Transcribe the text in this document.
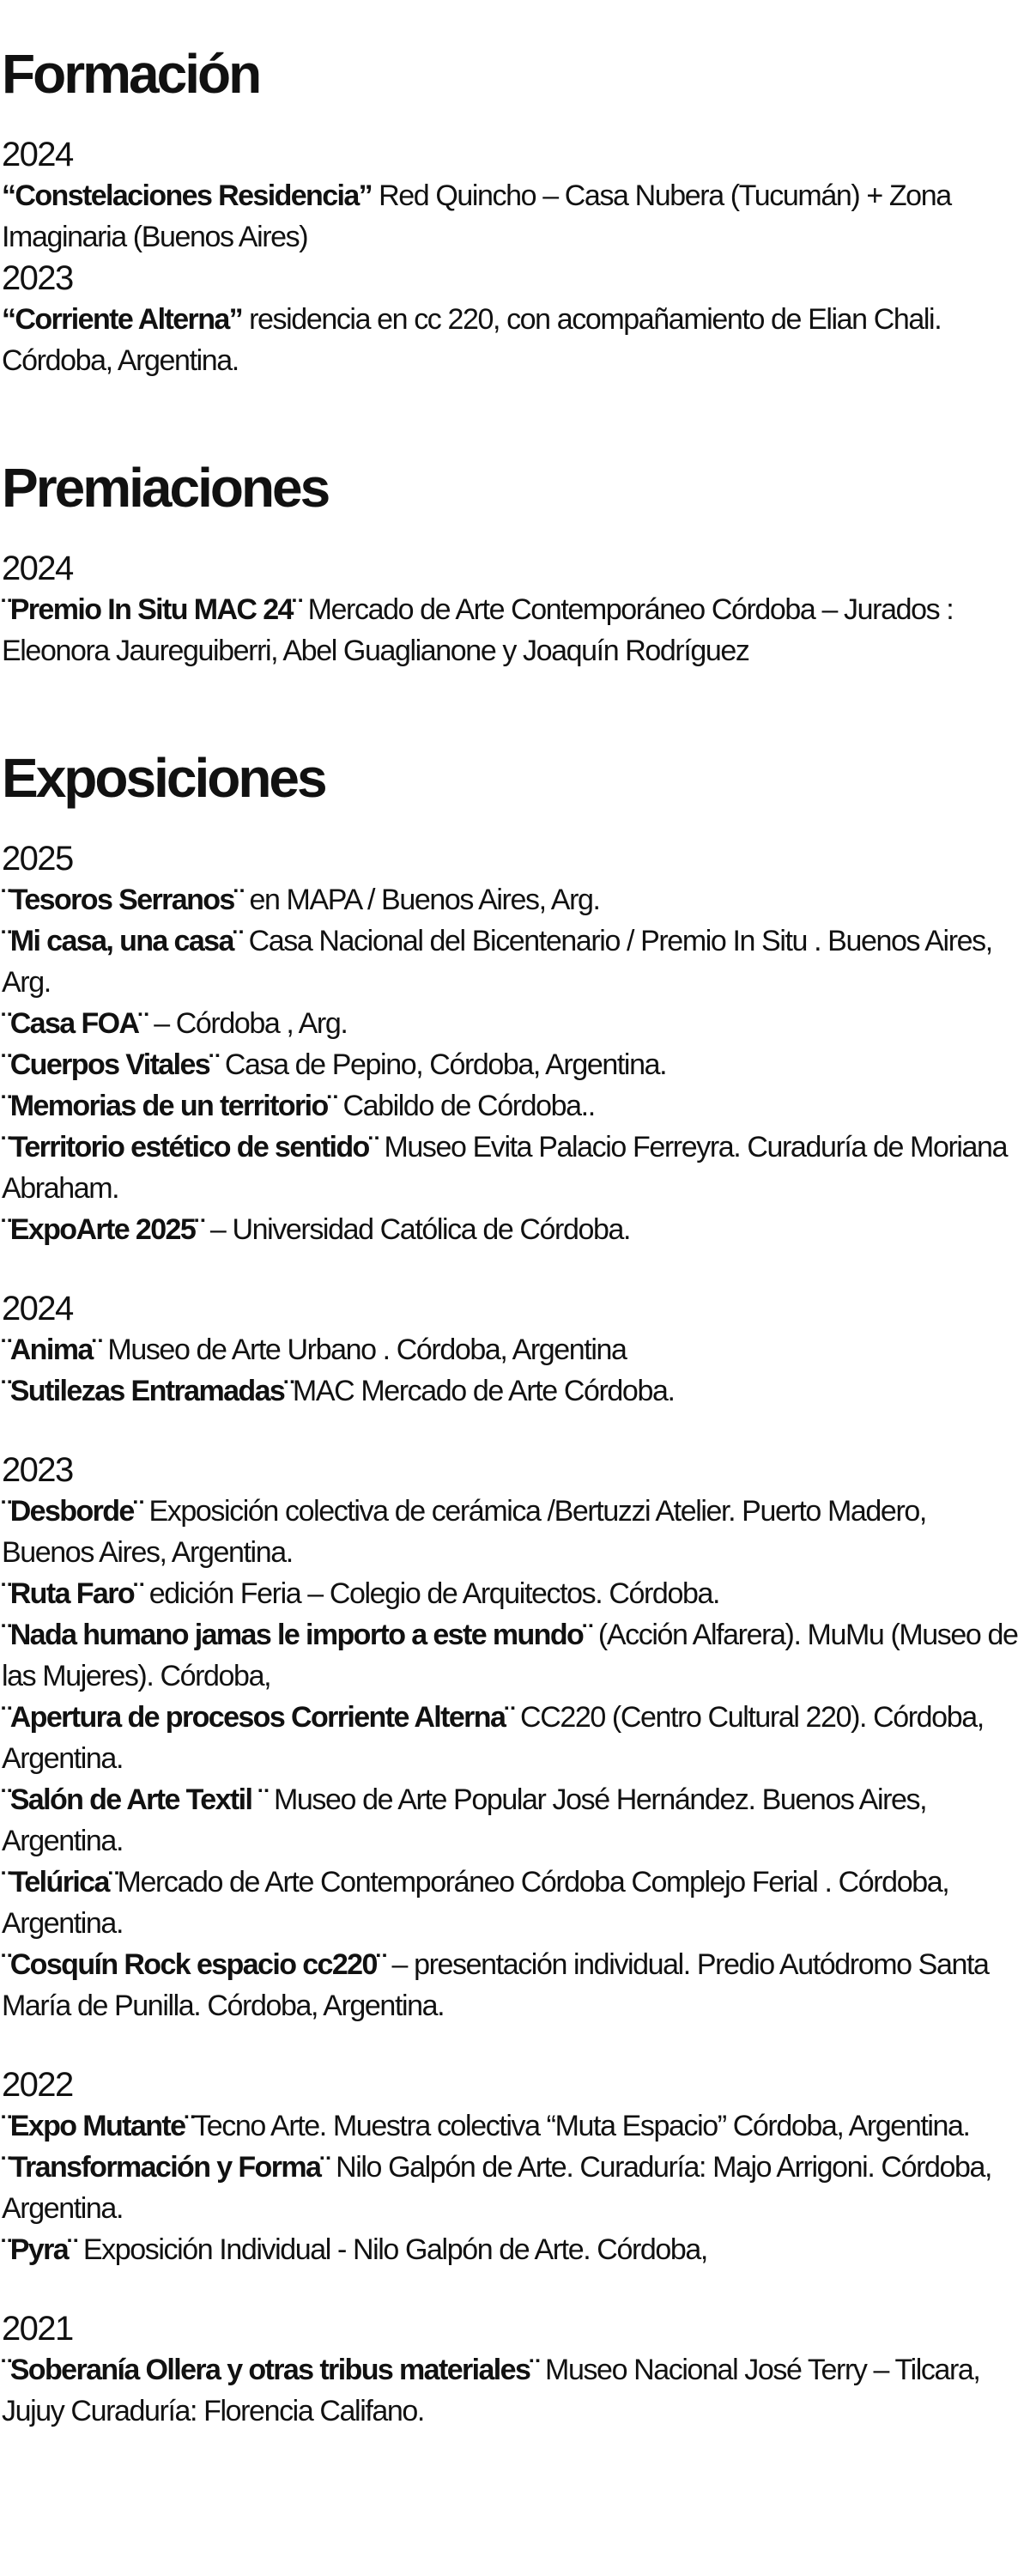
Formación
2024
“Constelaciones Residencia” Red Quincho – Casa Nubera (Tucumán) + Zona Imaginaria (Buenos Aires)
2023
“Corriente Alterna” residencia en cc 220, con acompañamiento de Elian Chali. Córdoba, Argentina.
Premiaciones
2024
¨Premio In Situ MAC 24¨ Mercado de Arte Contemporáneo Córdoba – Jurados : Eleonora Jaureguiberri, Abel Guaglianone y Joaquín Rodríguez
Exposiciones
2025
¨Tesoros Serranos¨ en MAPA / Buenos Aires, Arg.
¨Mi casa, una casa¨ Casa Nacional del Bicentenario / Premio In Situ . Buenos Aires, Arg.
¨Casa FOA¨ – Córdoba , Arg.
¨Cuerpos Vitales¨ Casa de Pepino, Córdoba, Argentina.
¨Memorias de un territorio¨ Cabildo de Córdoba..
¨Territorio estético de sentido¨ Museo Evita Palacio Ferreyra. Curaduría de Moriana Abraham.
¨ExpoArte 2025¨ – Universidad Católica de Córdoba.
2024
¨Anima¨ Museo de Arte Urbano . Córdoba, Argentina
¨Sutilezas Entramadas¨MAC Mercado de Arte Córdoba.
2023
¨Desborde¨ Exposición colectiva de cerámica /Bertuzzi Atelier. Puerto Madero, Buenos Aires, Argentina.
¨Ruta Faro¨ edición Feria – Colegio de Arquitectos. Córdoba.
¨Nada humano jamas le importo a este mundo¨ (Acción Alfarera). MuMu (Museo de las Mujeres). Córdoba,
¨Apertura de procesos Corriente Alterna¨ CC220 (Centro Cultural 220). Córdoba, Argentina.
¨Salón de Arte Textil ¨ Museo de Arte Popular José Hernández. Buenos Aires, Argentina.
¨Telúrica¨Mercado de Arte Contemporáneo Córdoba Complejo Ferial . Córdoba, Argentina.
¨Cosquín Rock espacio cc220¨ – presentación individual. Predio Autódromo Santa María de Punilla. Córdoba, Argentina.
2022
¨Expo Mutante¨Tecno Arte. Muestra colectiva “Muta Espacio” Córdoba, Argentina.
¨Transformación y Forma¨ Nilo Galpón de Arte. Curaduría: Majo Arrigoni. Córdoba, Argentina.
¨Pyra¨ Exposición Individual - Nilo Galpón de Arte. Córdoba,
2021
¨Soberanía Ollera y otras tribus materiales¨ Museo Nacional José Terry – Tilcara, Jujuy Curaduría: Florencia Califano.
